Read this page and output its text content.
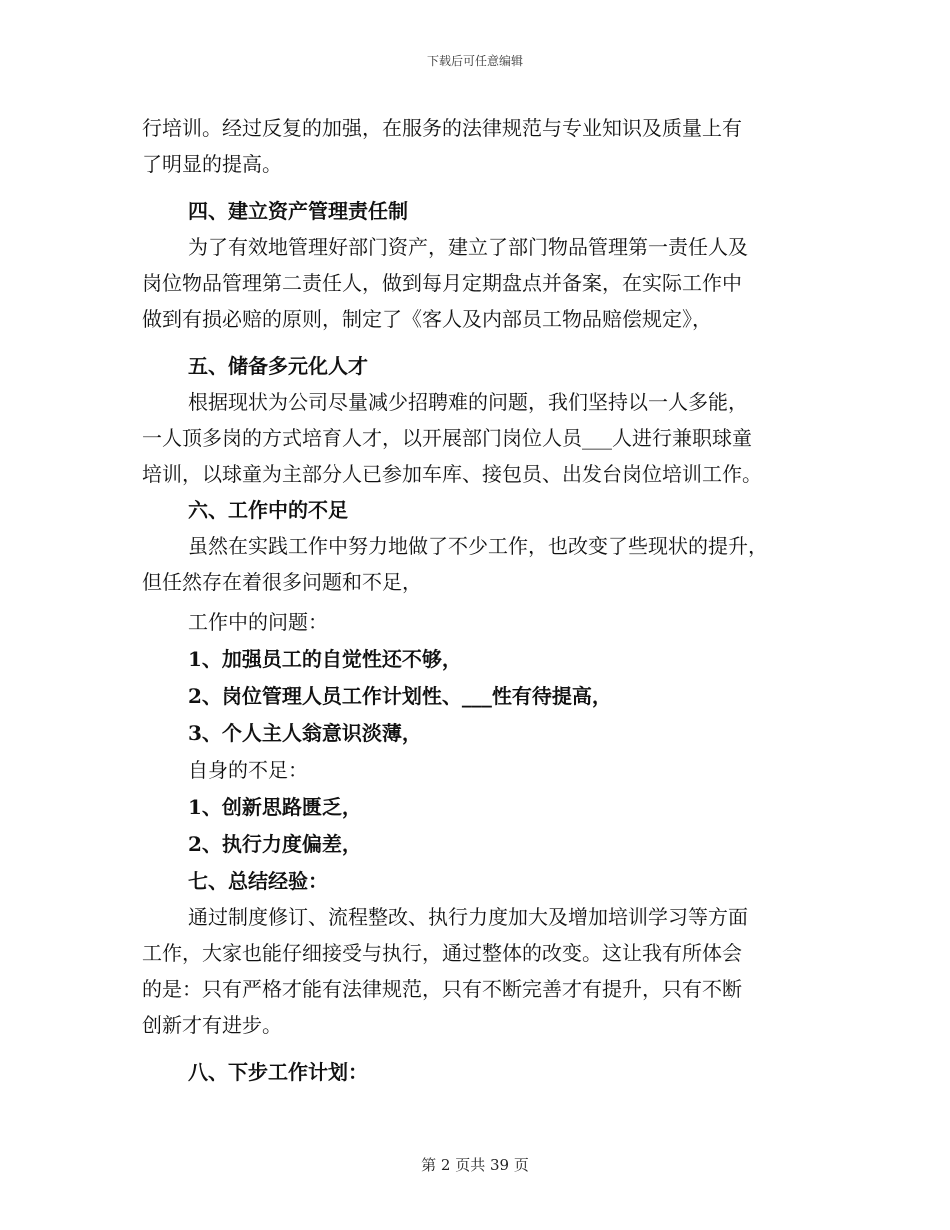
下载后可任意编辑
行培训。经过反复的加强，在服务的法律规范与专业知识及质量上有
了明显的提高。
四、建立资产管理责任制
为了有效地管理好部门资产，建立了部门物品管理第一责任人及
岗位物品管理第二责任人，做到每月定期盘点并备案，在实际工作中
做到有损必赔的原则，制定了《客人及内部员工物品赔偿规定》，
五、储备多元化人才
根据现状为公司尽量减少招聘难的问题，我们坚持以一人多能，
一人顶多岗的方式培育人才，以开展部门岗位人员___人进行兼职球童
培训，以球童为主部分人已参加车库、接包员、出发台岗位培训工作。
六、工作中的不足
虽然在实践工作中努力地做了不少工作，也改变了些现状的提升，
但任然存在着很多问题和不足，
工作中的问题：
1、加强员工的自觉性还不够，
2、岗位管理人员工作计划性、___性有待提高，
3、个人主人翁意识淡薄，
自身的不足：
1、创新思路匮乏，
2、执行力度偏差，
七、总结经验：
通过制度修订、流程整改、执行力度加大及增加培训学习等方面
工作，大家也能仔细接受与执行，通过整体的改变。这让我有所体会
的是：只有严格才能有法律规范，只有不断完善才有提升，只有不断
创新才有进步。
八、下步工作计划：
第 2 页共 39 页
